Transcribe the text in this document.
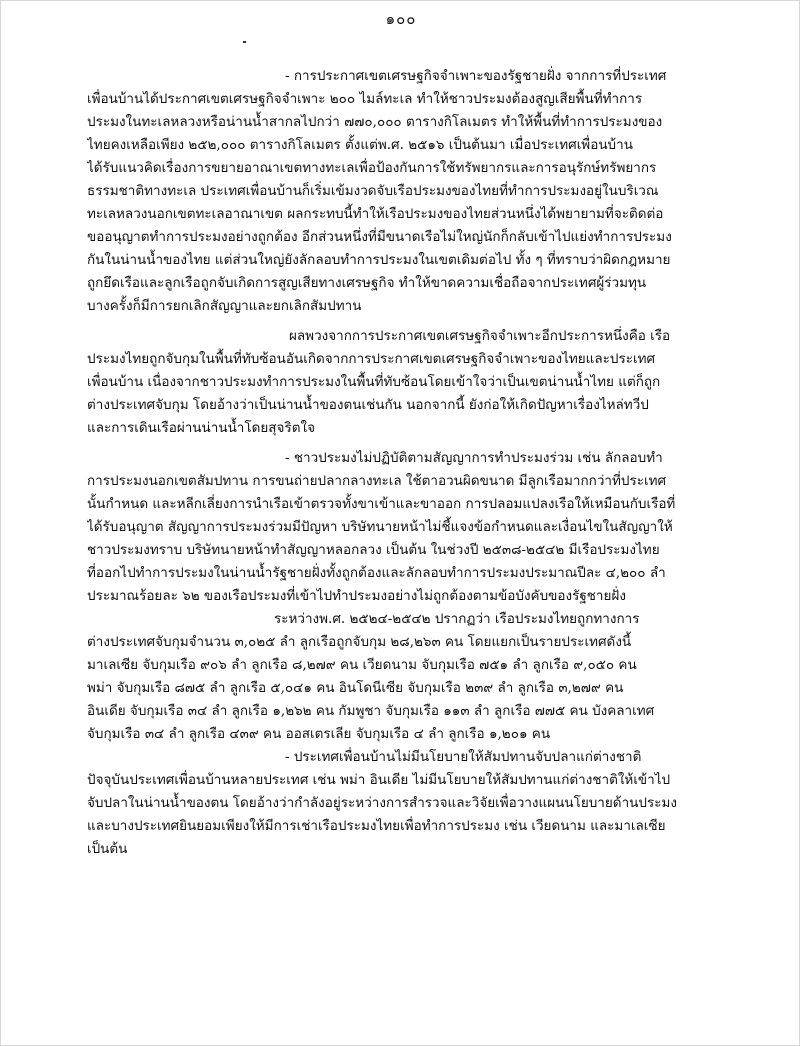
๑๐๐
- การประกาศเขตเศรษฐกิจจำเพาะของรัฐชายฝั่ง จากการที่ประเทศ
เพื่อนบ้านได้ประกาศเขตเศรษฐกิจจำเพาะ ๒๐๐ ไมล์ทะเล ทำให้ชาวประมงต้องสูญเสียพื้นที่ทำการ
ประมงในทะเลหลวงหรือน่านน้ำสากลไปกว่า ๗๗๐,๐๐๐ ตารางกิโลเมตร ทำให้พื้นที่ทำการประมงของ
ไทยคงเหลือเพียง ๒๕๒,๐๐๐ ตารางกิโลเมตร ตั้งแต่พ.ศ. ๒๕๑๖ เป็นต้นมา เมื่อประเทศเพื่อนบ้าน
ได้รับแนวคิดเรื่องการขยายอาณาเขตทางทะเลเพื่อป้องกันการใช้ทรัพยากรและการอนุรักษ์ทรัพยากร
ธรรมชาติทางทะเล ประเทศเพื่อนบ้านก็เริ่มเข้มงวดจับเรือประมงของไทยที่ทำการประมงอยู่ในบริเวณ
ทะเลหลวงนอกเขตทะเลอาณาเขต ผลกระทบนี้ทำให้เรือประมงของไทยส่วนหนึ่งได้พยายามที่จะติดต่อ
ขออนุญาตทำการประมงอย่างถูกต้อง อีกส่วนหนึ่งที่มีขนาดเรือไม่ใหญ่นักก็กลับเข้าไปแย่งทำการประมง
กันในน่านน้ำของไทย แต่ส่วนใหญ่ยังลักลอบทำการประมงในเขตเดิมต่อไป ทั้ง ๆ ที่ทราบว่าผิดกฎหมาย
ถูกยึดเรือและลูกเรือถูกจับเกิดการสูญเสียทางเศรษฐกิจ ทำให้ขาดความเชื่อถือจากประเทศผู้ร่วมทุน
บางครั้งก็มีการยกเลิกสัญญาและยกเลิกสัมปทาน
ผลพวงจากการประกาศเขตเศรษฐกิจจำเพาะอีกประการหนึ่งคือ เรือ
ประมงไทยถูกจับกุมในพื้นที่ทับซ้อนอันเกิดจากการประกาศเขตเศรษฐกิจจำเพาะของไทยและประเทศ
เพื่อนบ้าน เนื่องจากชาวประมงทำการประมงในพื้นที่ทับซ้อนโดยเข้าใจว่าเป็นเขตน่านน้ำไทย แต่ก็ถูก
ต่างประเทศจับกุม โดยอ้างว่าเป็นน่านน้ำของตนเช่นกัน นอกจากนี้ ยังก่อให้เกิดปัญหาเรื่องไหล่ทวีป
และการเดินเรือผ่านน่านน้ำโดยสุจริตใจ
- ชาวประมงไม่ปฏิบัติตามสัญญาการทำประมงร่วม เช่น ลักลอบทำ
การประมงนอกเขตสัมปทาน การขนถ่ายปลากลางทะเล ใช้ตาอวนผิดขนาด มีลูกเรือมากกว่าที่ประเทศ
นั้นกำหนด และหลีกเลี่ยงการนำเรือเข้าตรวจทั้งขาเข้าและขาออก การปลอมแปลงเรือให้เหมือนกับเรือที่
ได้รับอนุญาต สัญญาการประมงร่วมมีปัญหา บริษัทนายหน้าไม่ชี้แจงข้อกำหนดและเงื่อนไขในสัญญาให้
ชาวประมงทราบ บริษัทนายหน้าทำสัญญาหลอกลวง เป็นต้น ในช่วงปี ๒๕๓๘-๒๕๔๒ มีเรือประมงไทย
ที่ออกไปทำการประมงในน่านน้ำรัฐชายฝั่งทั้งถูกต้องและลักลอบทำการประมงประมาณปีละ ๔,๒๐๐ ลำ
ประมาณร้อยละ ๖๒ ของเรือประมงที่เข้าไปทำประมงอย่างไม่ถูกต้องตามข้อบังคับของรัฐชายฝั่ง
ระหว่างพ.ศ. ๒๕๒๔-๒๕๔๒ ปรากฏว่า เรือประมงไทยถูกทางการ
ต่างประเทศจับกุมจำนวน ๓,๐๒๕ ลำ ลูกเรือถูกจับกุม ๒๘,๒๖๓ คน โดยแยกเป็นรายประเทศดังนี้
มาเลเซีย จับกุมเรือ ๙๐๖ ลำ ลูกเรือ ๘,๒๗๙ คน เวียดนาม จับกุมเรือ ๗๕๑ ลำ ลูกเรือ ๙,๐๕๐ คน
พม่า จับกุมเรือ ๘๗๕ ลำ ลูกเรือ ๕,๐๔๑ คน อินโดนีเซีย จับกุมเรือ ๒๓๙ ลำ ลูกเรือ ๓,๒๗๙ คน
อินเดีย จับกุมเรือ ๓๔ ลำ ลูกเรือ ๑,๒๖๒ คน กัมพูชา จับกุมเรือ ๑๑๓ ลำ ลูกเรือ ๗๗๕ คน บังคลาเทศ
จับกุมเรือ ๓๔ ลำ ลูกเรือ ๔๓๙ คน ออสเตรเลีย จับกุมเรือ ๔ ลำ ลูกเรือ ๑,๒๐๑ คน
- ประเทศเพื่อนบ้านไม่มีนโยบายให้สัมปทานจับปลาแก่ต่างชาติ
ปัจจุบันประเทศเพื่อนบ้านหลายประเทศ เช่น พม่า อินเดีย ไม่มีนโยบายให้สัมปทานแก่ต่างชาติให้เข้าไป
จับปลาในน่านน้ำของตน โดยอ้างว่ากำลังอยู่ระหว่างการสำรวจและวิจัยเพื่อวางแผนนโยบายด้านประมง
และบางประเทศยินยอมเพียงให้มีการเช่าเรือประมงไทยเพื่อทำการประมง เช่น เวียดนาม และมาเลเซีย
เป็นต้น
